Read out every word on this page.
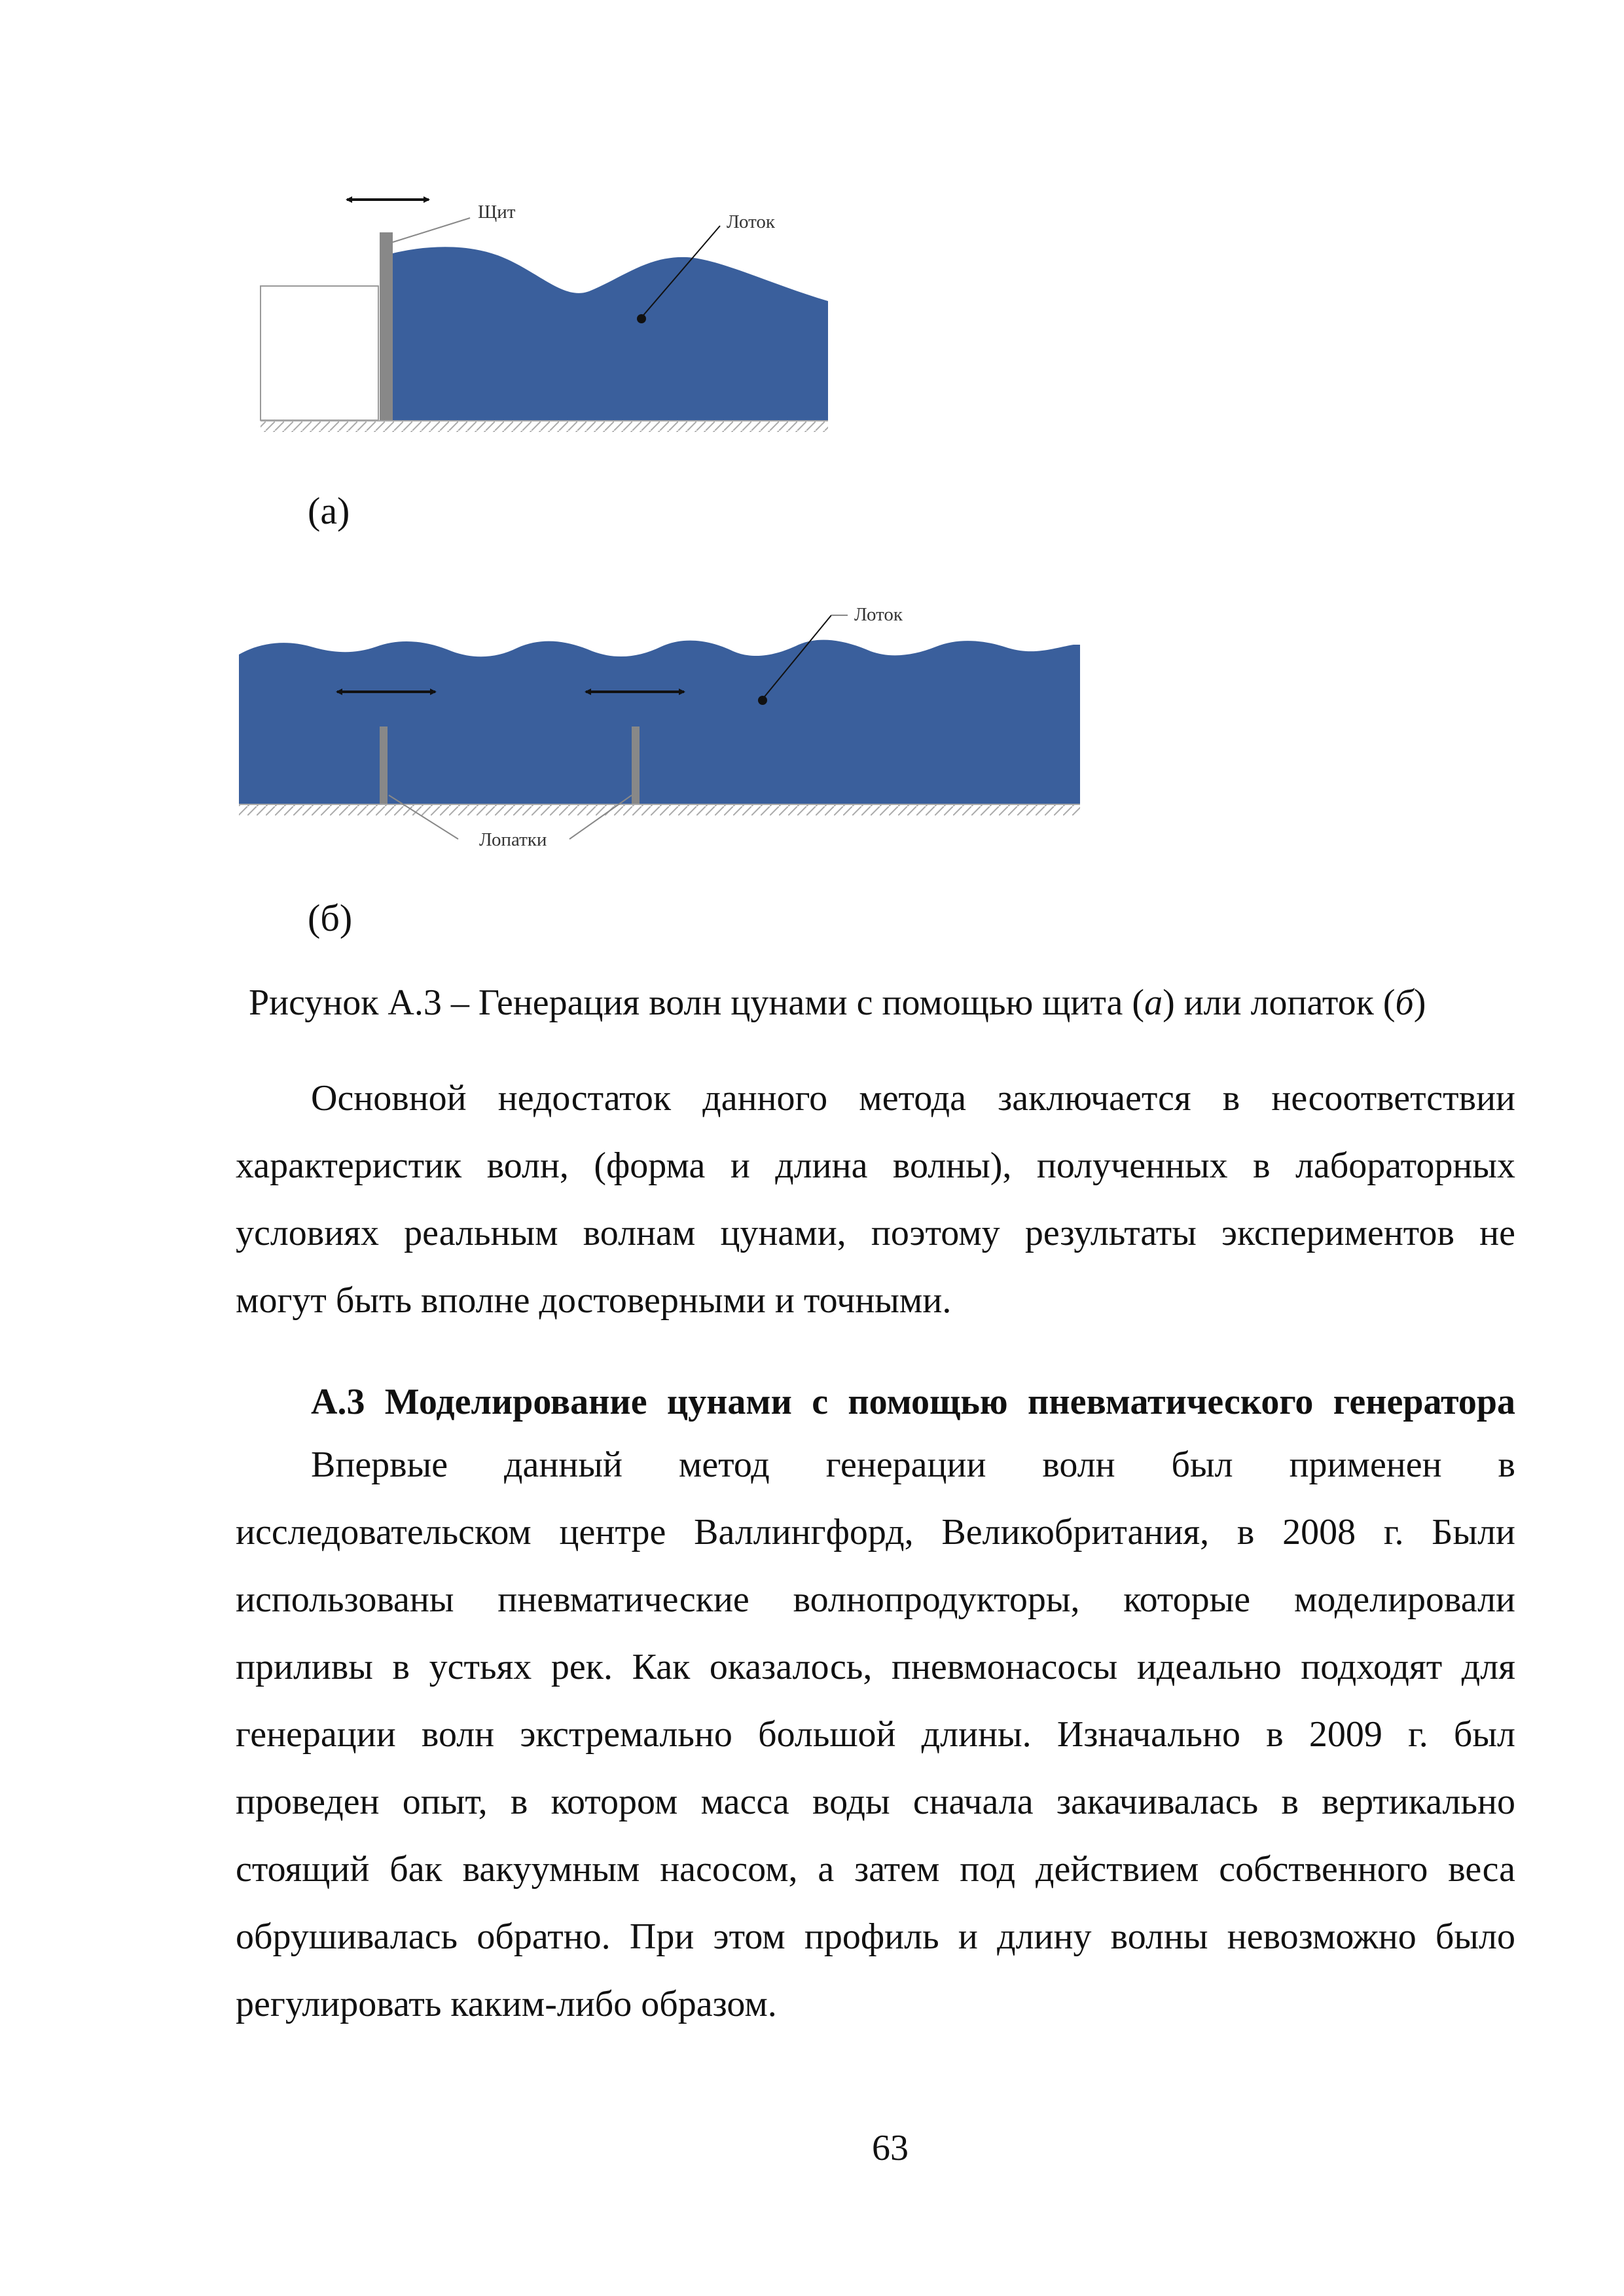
Щит	Лоток
Лоток
Лопатки
(а)
(б)
Рисунок А.3 – Генерация волн цунами с помощью щита (а) или лопаток (б)
Основной недостаток данного метода заключается в несоответствии
характеристик волн, (форма и длина волны), полученных в лабораторных
условиях реальным волнам цунами, поэтому результаты экспериментов не
могут быть вполне достоверными и точными.
А.3 Моделирование цунами с помощью пневматического генератора
Впервые данный метод генерации волн был применен в
исследовательском центре Валлингфорд, Великобритания, в 2008 г. Были
использованы пневматические волнопродукторы, которые моделировали
приливы в устьях рек. Как оказалось, пневмонасосы идеально подходят для
генерации волн экстремально большой длины. Изначально в 2009 г. был
проведен опыт, в котором масса воды сначала закачивалась в вертикально
стоящий бак вакуумным насосом, а затем под действием собственного веса
обрушивалась обратно. При этом профиль и длину волны невозможно было
регулировать каким-либо образом.
63
